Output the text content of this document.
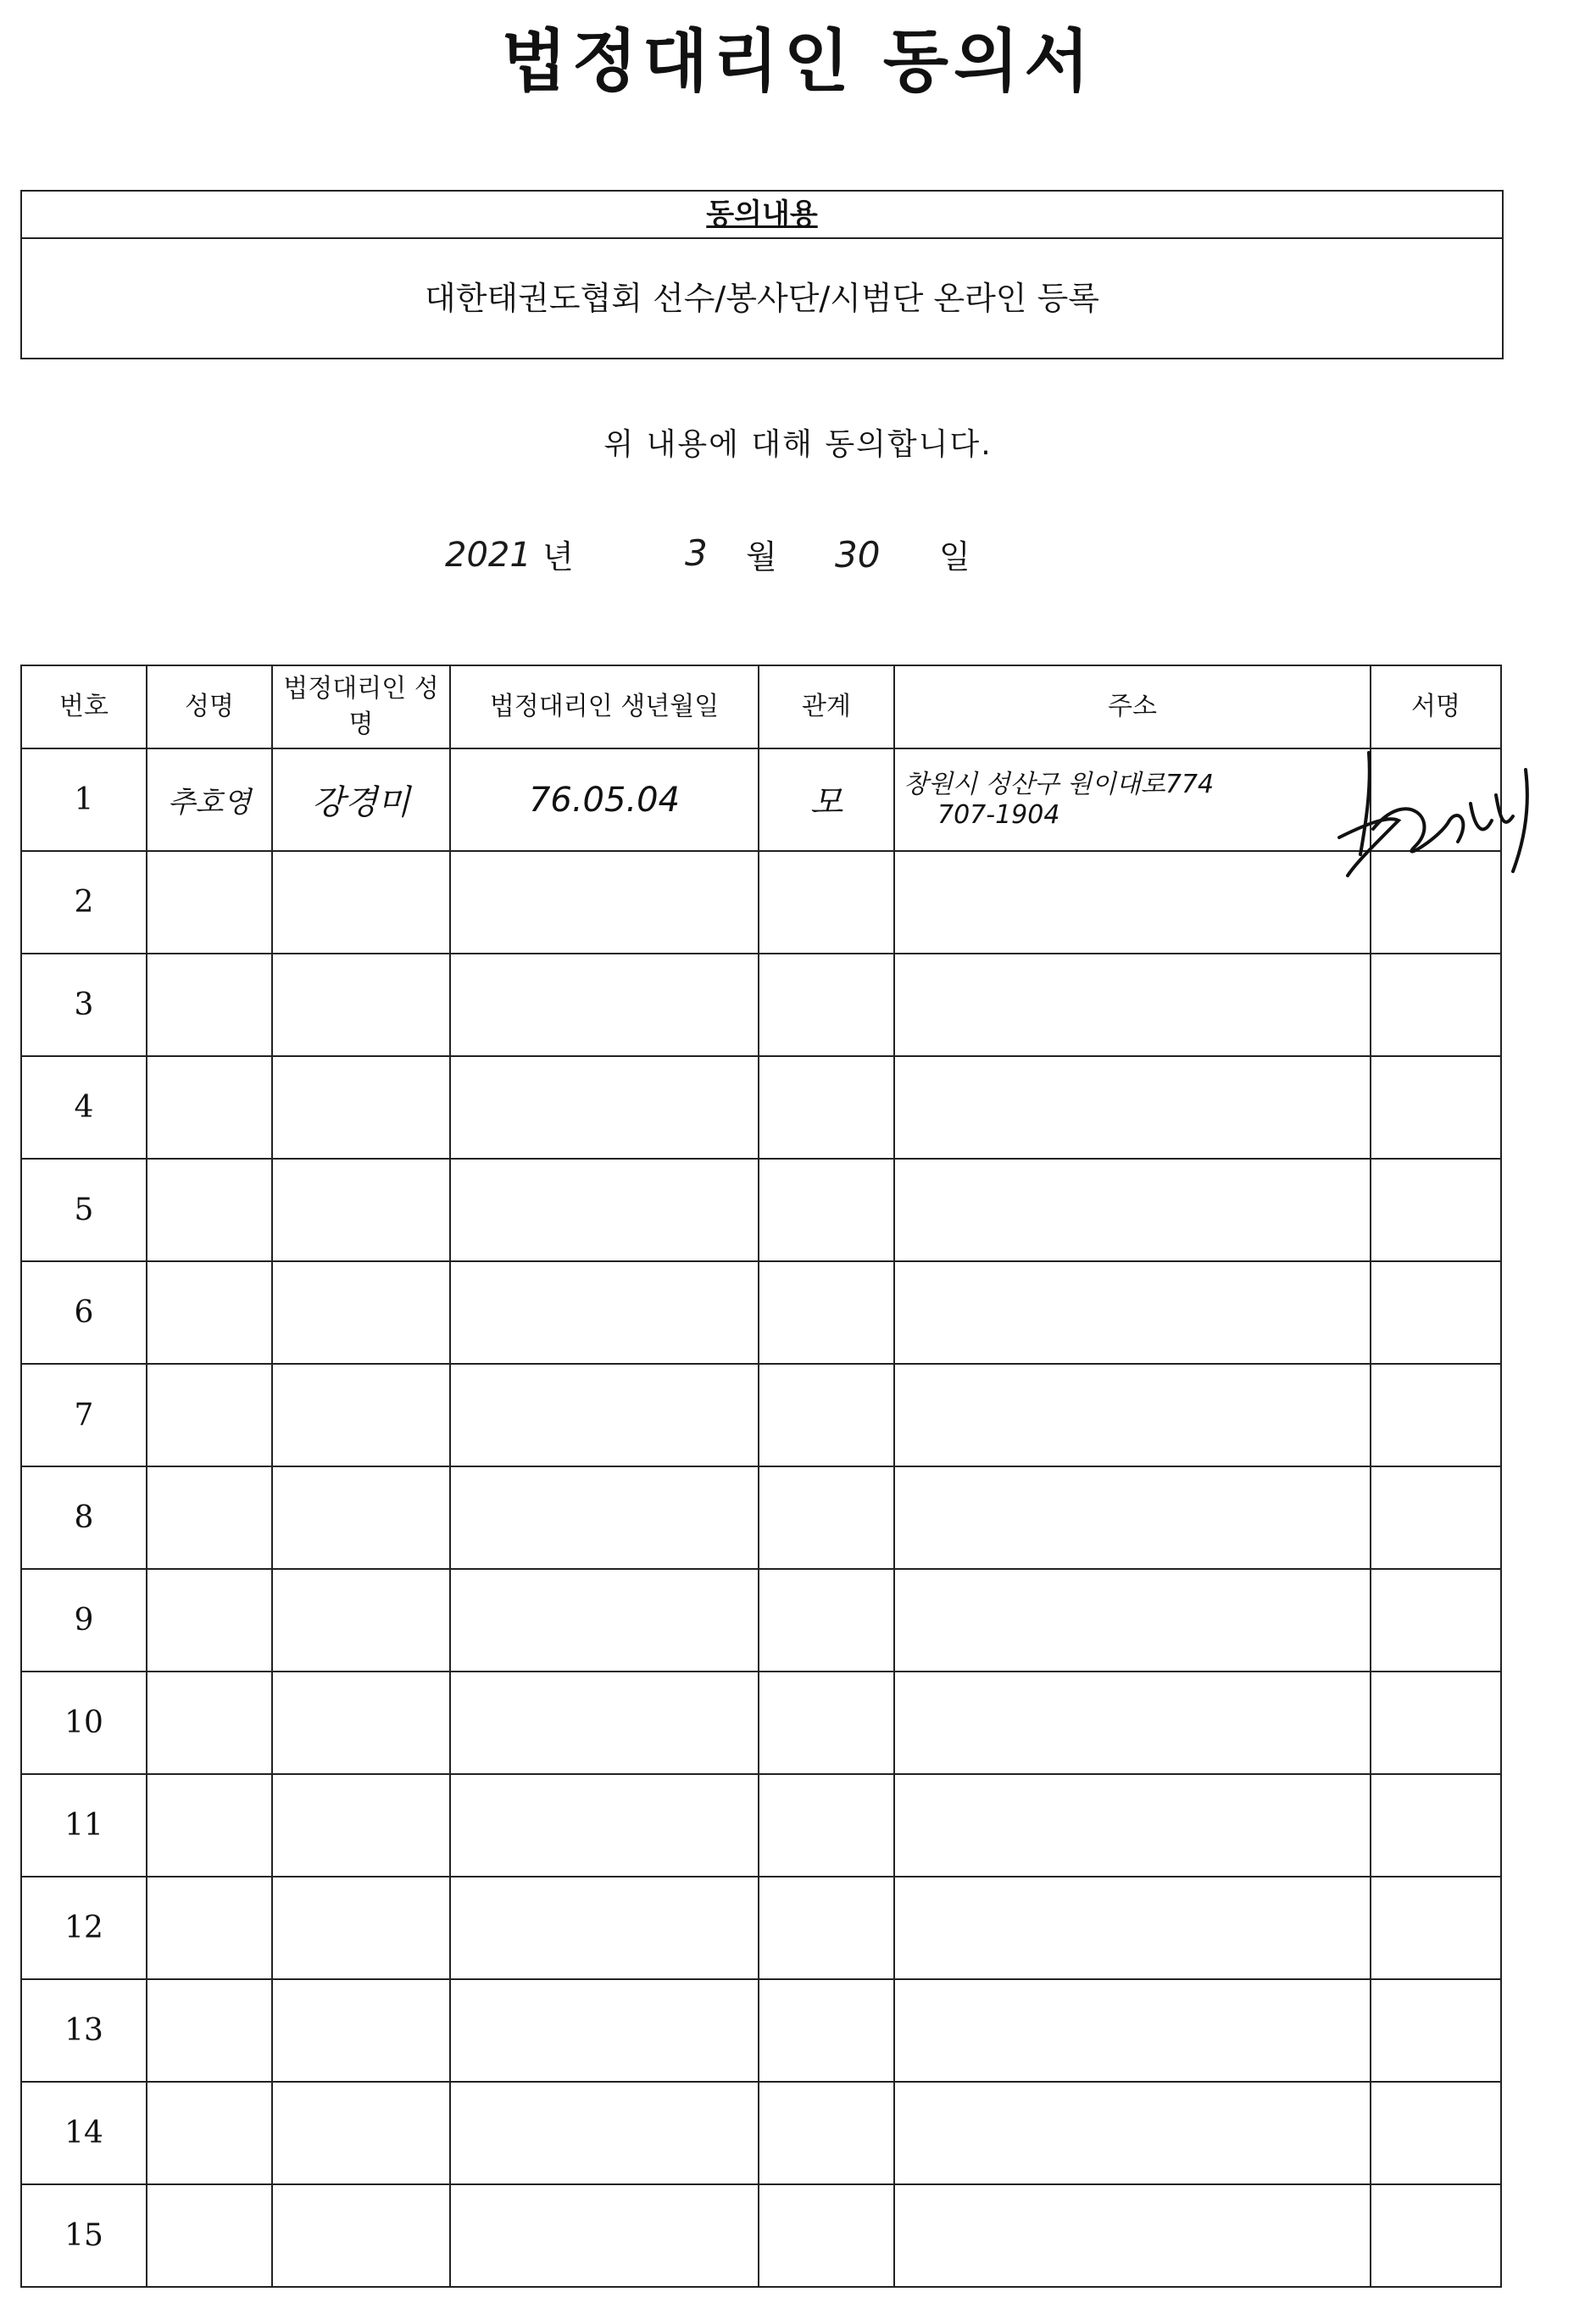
법정대리인 동의서
동의내용
대한태권도협회 선수/봉사단/시범단 온라인 등록
위 내용에 대해 동의합니다.
2021 년	3 월 30 일
번호	성명	법정대리인 성명	법정대리인 생년월일	관계	주소	서명
1	추호영	강경미	76.05.04	모	창원시 성산구 원이대로774
707-1904	

2						
3						
4						
5						
6						
7						
8						
9						
10						
11						
12						
13						
14						
15						
